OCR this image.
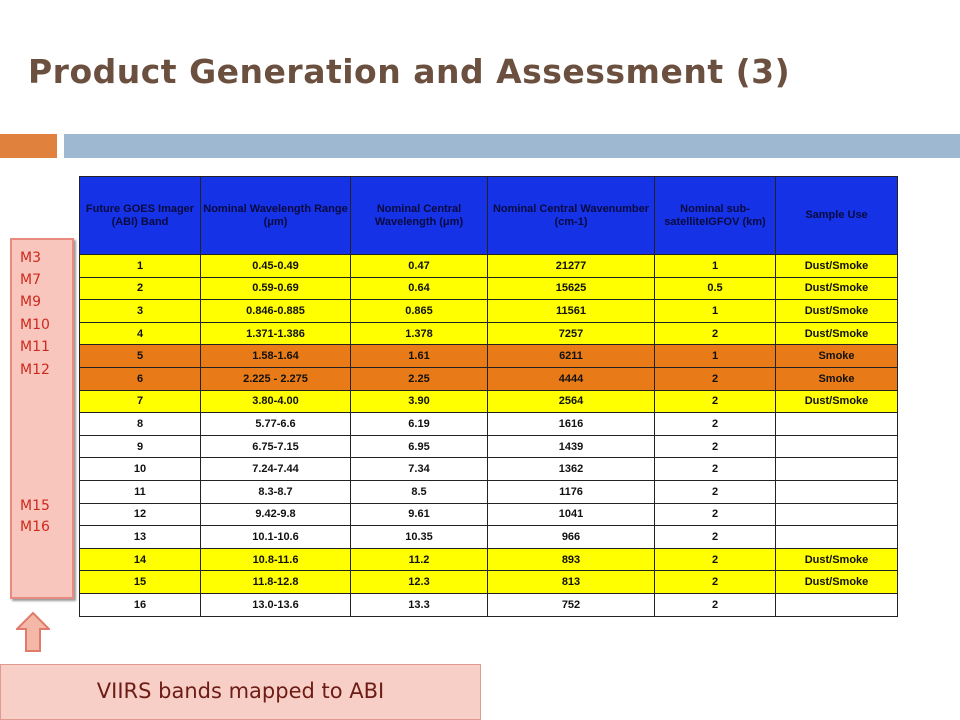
Product Generation and Assessment (3)
M3
M7
M9
M10
M11
M12
M15
M16
VIIRS bands mapped to ABI
Future GOES Imager (ABI) Band	Nominal Wavelength Range (μm)	Nominal Central Wavelength (μm)	Nominal Central Wavenumber (cm-1)	Nominal sub-satelliteIGFOV (km)	Sample Use
1	0.45-0.49	0.47	21277	1	Dust/Smoke
2	0.59-0.69	0.64	15625	0.5	Dust/Smoke
3	0.846-0.885	0.865	11561	1	Dust/Smoke
4	1.371-1.386	1.378	7257	2	Dust/Smoke
5	1.58-1.64	1.61	6211	1	Smoke
6	2.225 - 2.275	2.25	4444	2	Smoke
7	3.80-4.00	3.90	2564	2	Dust/Smoke
8	5.77-6.6	6.19	1616	2	
9	6.75-7.15	6.95	1439	2	
10	7.24-7.44	7.34	1362	2	
11	8.3-8.7	8.5	1176	2	
12	9.42-9.8	9.61	1041	2	
13	10.1-10.6	10.35	966	2	
14	10.8-11.6	11.2	893	2	Dust/Smoke
15	11.8-12.8	12.3	813	2	Dust/Smoke
16	13.0-13.6	13.3	752	2	
